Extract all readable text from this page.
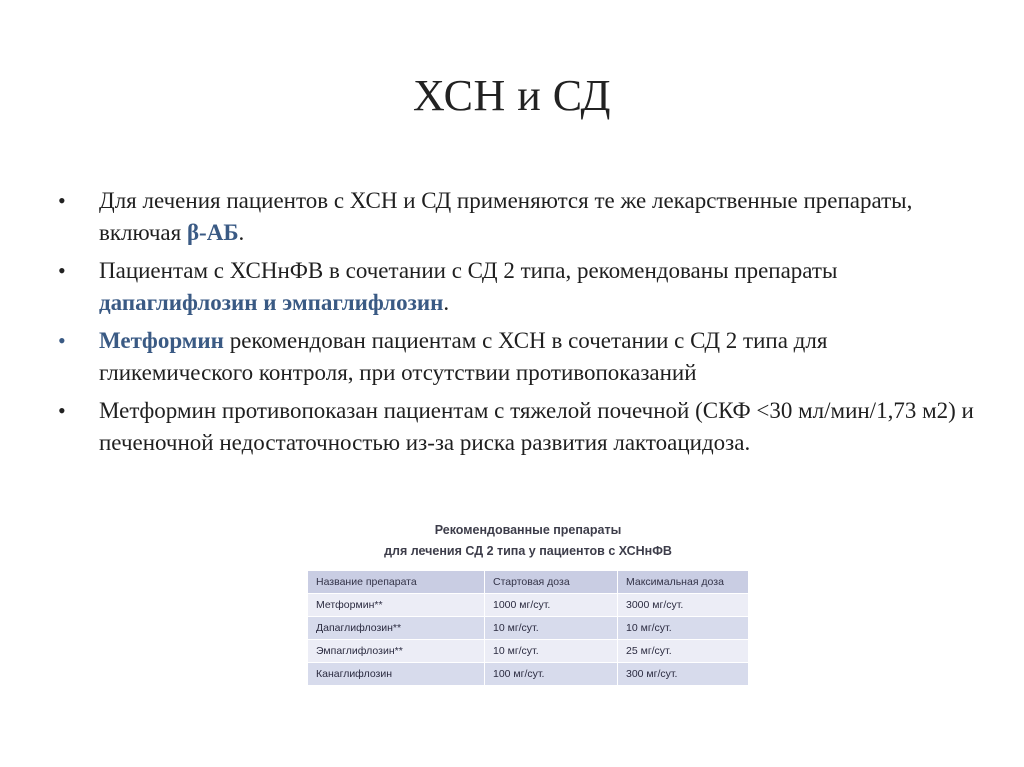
ХСН и СД
• Для лечения пациентов с ХСН и СД применяются те же лекарственные препараты, включая β-АБ.
• Пациентам с ХСНнФВ в сочетании с СД 2 типа, рекомендованы препараты дапаглифлозин и эмпаглифлозин.
• Метформин рекомендован пациентам с ХСН в сочетании с СД 2 типа для гликемического контроля, при отсутствии противопоказаний
• Метформин противопоказан пациентам с тяжелой почечной (СКФ <30 мл/мин/1,73 м2) и печеночной недостаточностью из-за риска развития лактоацидоза.
Рекомендованные препараты
для лечения СД 2 типа у пациентов с ХСНнФВ
Название препарата	Стартовая доза	Максимальная доза
Метформин**	1000 мг/сут.	3000 мг/сут.
Дапаглифлозин**	10 мг/сут.	10 мг/сут.
Эмпаглифлозин**	10 мг/сут.	25 мг/сут.
Канаглифлозин	100 мг/сут.	300 мг/сут.
